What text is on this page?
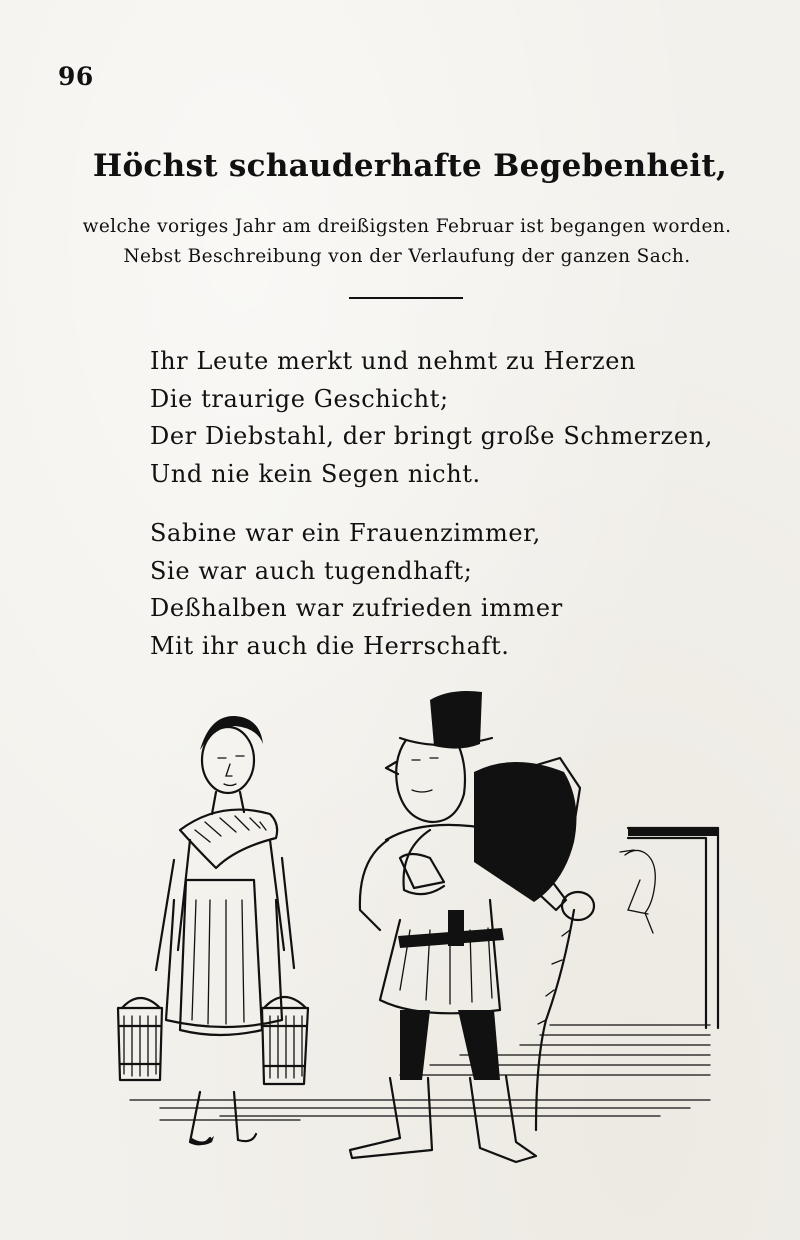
96
Höchst schauderhafte Begebenheit,
welche voriges Jahr am dreißigsten Februar ist begangen worden.
Nebst Beschreibung von der Verlaufung der ganzen Sach.
Ihr Leute merkt und nehmt zu Herzen
Die traurige Geschicht;
Der Diebstahl, der bringt große Schmerzen,
Und nie kein Segen nicht.
Sabine war ein Frauenzimmer,
Sie war auch tugendhaft;
Deßhalben war zufrieden immer
Mit ihr auch die Herrschaft.
